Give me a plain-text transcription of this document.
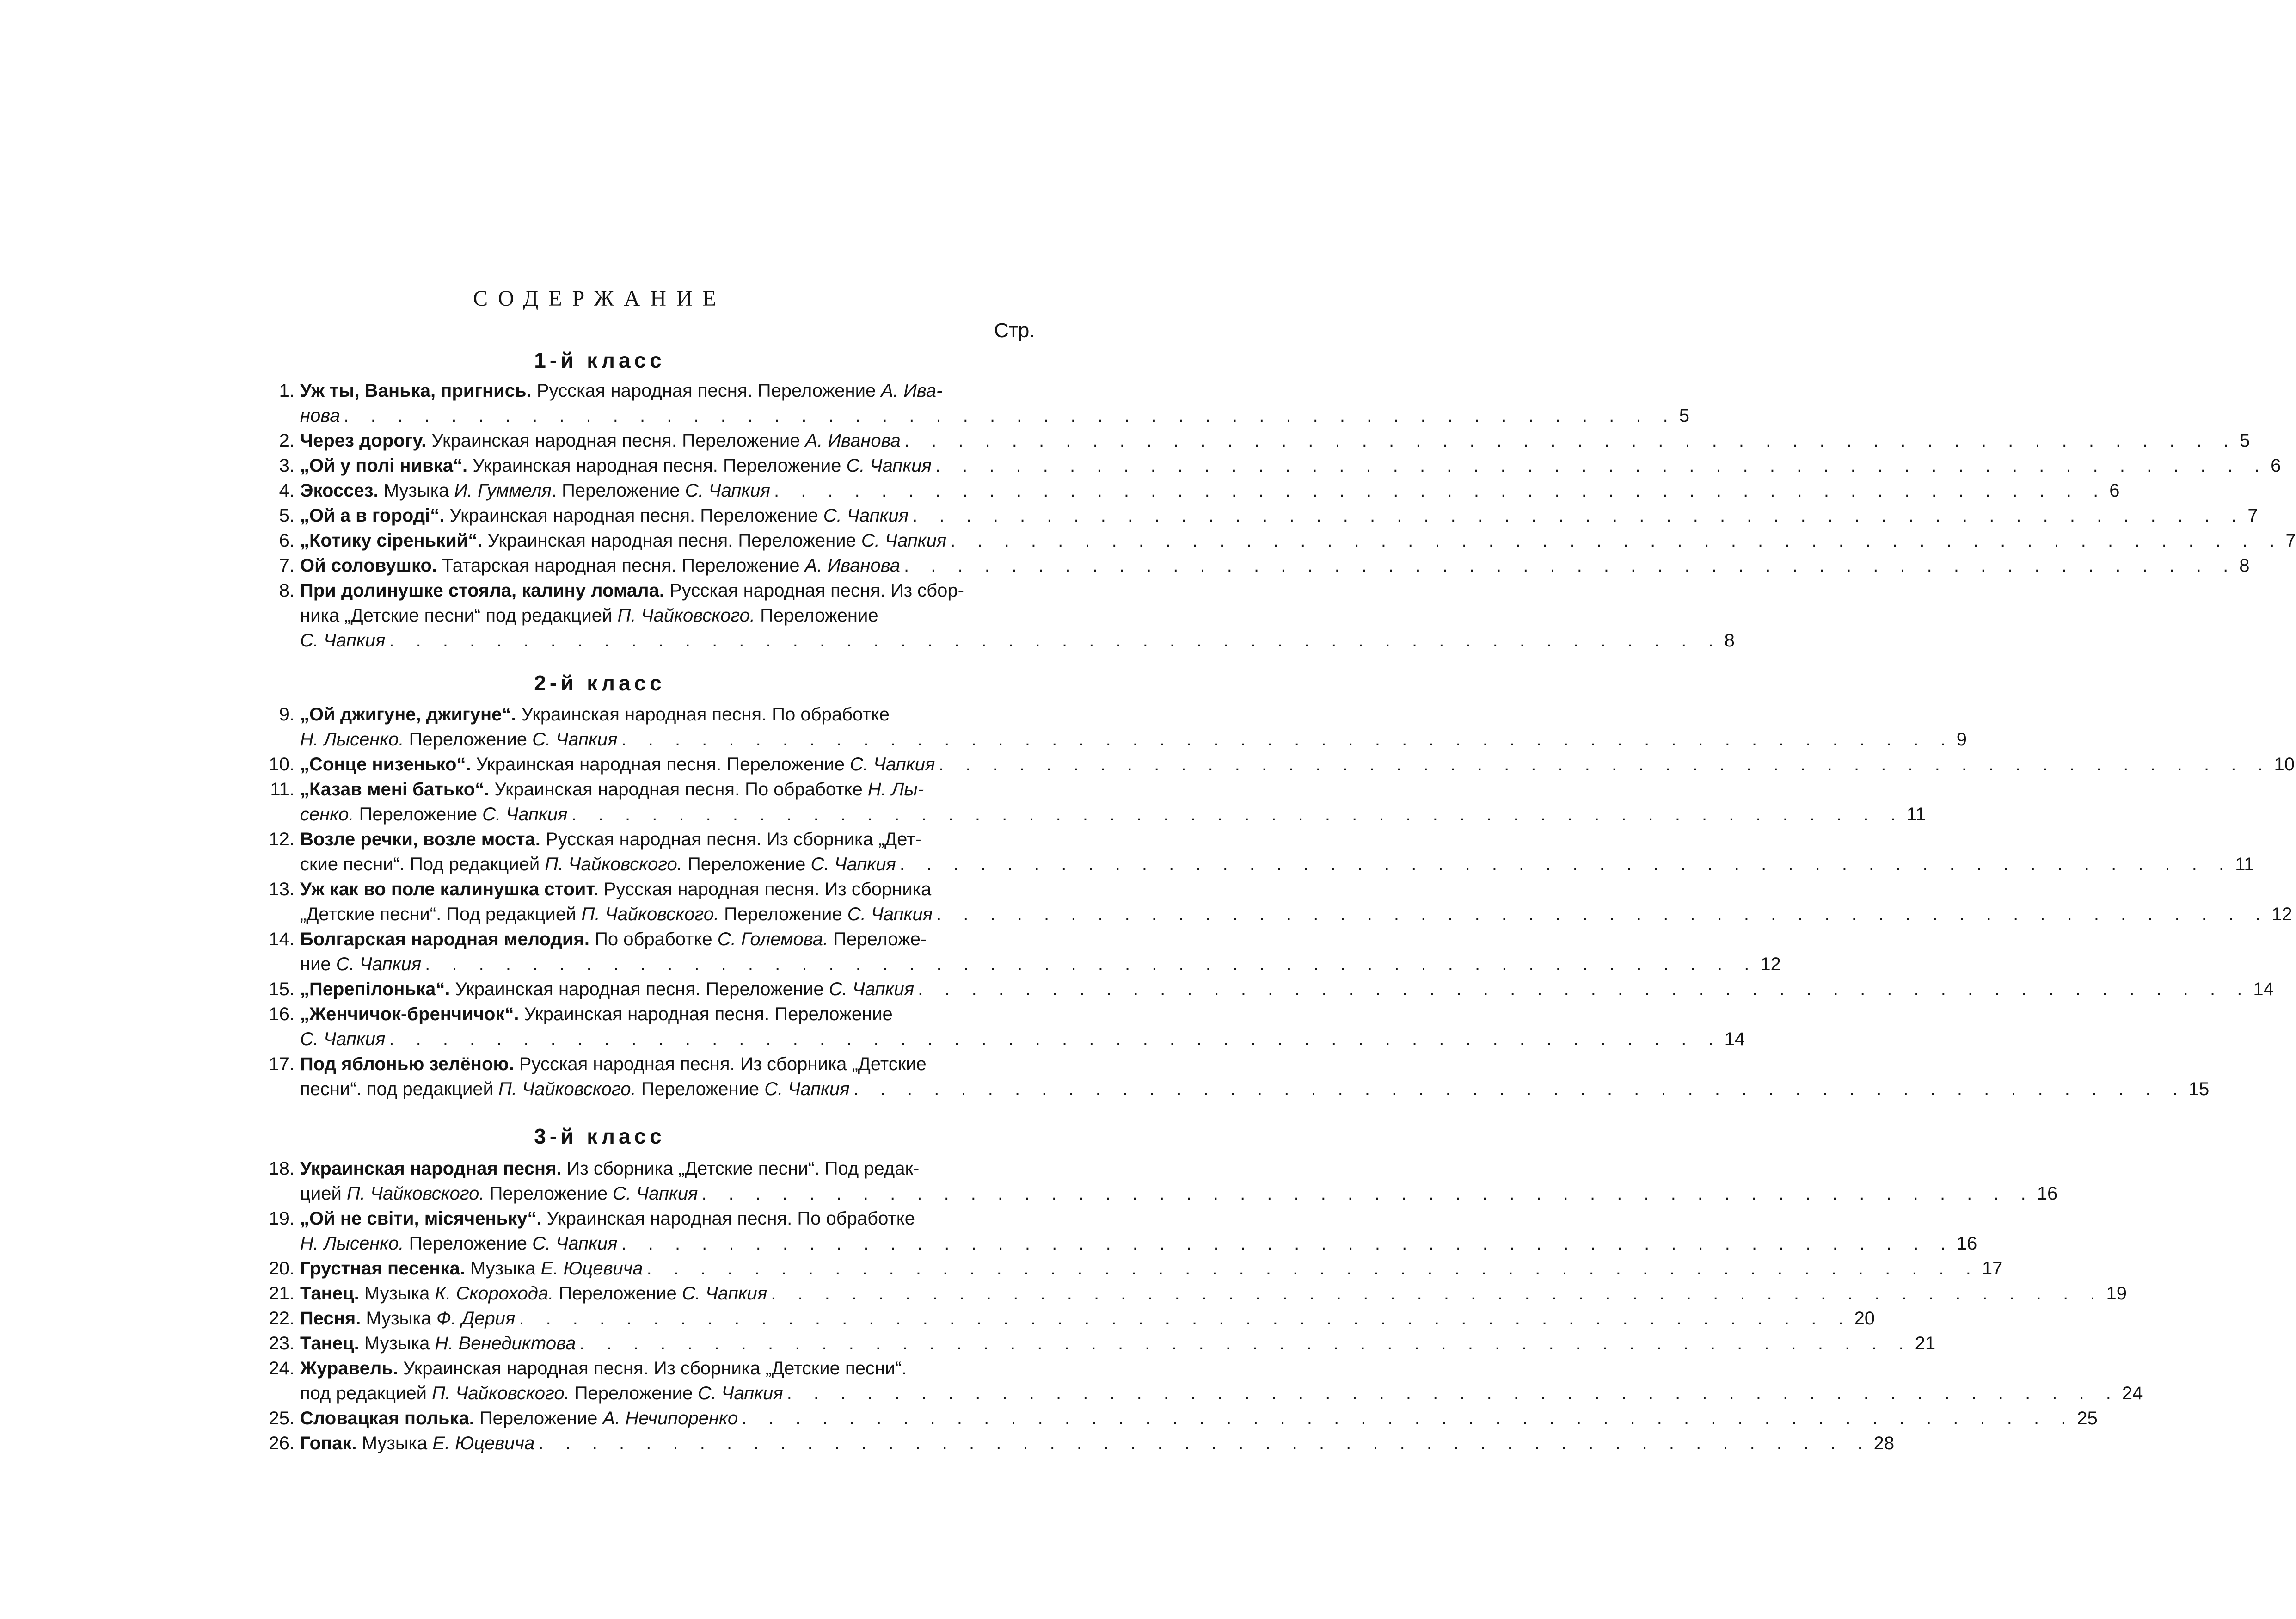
СОДЕРЖАНИЕ
Стр.
1-й класс
1. Уж ты, Ванька, пригнись. Русская народная песня. Переложение А. Ива-
нова . . . . . . . . . . . . . . . . . . . . . . . . . . . . . . . . . . . . . . . . . . . . . . . . . . 5
2. Через дорогу. Украинская народная песня. Переложение А. Иванова . . . . . . . . . . . . . . . . . . . . . . . . . . . . . . . . . . . . . . . . . . . . . . . . . . 5
3. „Ой у полі нивка“. Украинская народная песня. Переложение С. Чапкия . . . . . . . . . . . . . . . . . . . . . . . . . . . . . . . . . . . . . . . . . . . . . . . . . . 6
4. Экоссез. Музыка И. Гуммеля. Переложение С. Чапкия . . . . . . . . . . . . . . . . . . . . . . . . . . . . . . . . . . . . . . . . . . . . . . . . . . 6
5. „Ой а в городі“. Украинская народная песня. Переложение С. Чапкия . . . . . . . . . . . . . . . . . . . . . . . . . . . . . . . . . . . . . . . . . . . . . . . . . . 7
6. „Котику сіренький“. Украинская народная песня. Переложение С. Чапкия . . . . . . . . . . . . . . . . . . . . . . . . . . . . . . . . . . . . . . . . . . . . . . . . . . 7
7. Ой соловушко. Татарская народная песня. Переложение А. Иванова . . . . . . . . . . . . . . . . . . . . . . . . . . . . . . . . . . . . . . . . . . . . . . . . . . 8
8. При долинушке стояла, калину ломала. Русская народная песня. Из сбор-
ника „Детские песни“ под редакцией П. Чайковского. Переложение
С. Чапкия . . . . . . . . . . . . . . . . . . . . . . . . . . . . . . . . . . . . . . . . . . . . . . . . . . 8
2-й класс
9. „Ой джигуне, джигуне“. Украинская народная песня. По обработке
Н. Лысенко. Переложение С. Чапкия . . . . . . . . . . . . . . . . . . . . . . . . . . . . . . . . . . . . . . . . . . . . . . . . . . 9
10. „Сонце низенько“. Украинская народная песня. Переложение С. Чапкия . . . . . . . . . . . . . . . . . . . . . . . . . . . . . . . . . . . . . . . . . . . . . . . . . . 10
11. „Казав мені батько“. Украинская народная песня. По обработке Н. Лы-
сенко. Переложение С. Чапкия . . . . . . . . . . . . . . . . . . . . . . . . . . . . . . . . . . . . . . . . . . . . . . . . . . 11
12. Возле речки, возле моста. Русская народная песня. Из сборника „Дет-
ские песни“. Под редакцией П. Чайковского. Переложение С. Чапкия . . . . . . . . . . . . . . . . . . . . . . . . . . . . . . . . . . . . . . . . . . . . . . . . . . 11
13. Уж как во поле калинушка стоит. Русская народная песня. Из сборника
„Детские песни“. Под редакцией П. Чайковского. Переложение С. Чапкия . . . . . . . . . . . . . . . . . . . . . . . . . . . . . . . . . . . . . . . . . . . . . . . . . . 12
14. Болгарская народная мелодия. По обработке С. Големова. Переложе-
ние С. Чапкия . . . . . . . . . . . . . . . . . . . . . . . . . . . . . . . . . . . . . . . . . . . . . . . . . . 12
15. „Перепілонька“. Украинская народная песня. Переложение С. Чапкия . . . . . . . . . . . . . . . . . . . . . . . . . . . . . . . . . . . . . . . . . . . . . . . . . . 14
16. „Женчичок-бренчичок“. Украинская народная песня. Переложение
С. Чапкия . . . . . . . . . . . . . . . . . . . . . . . . . . . . . . . . . . . . . . . . . . . . . . . . . . 14
17. Под яблонью зелёною. Русская народная песня. Из сборника „Детские
песни“. под редакцией П. Чайковского. Переложение С. Чапкия . . . . . . . . . . . . . . . . . . . . . . . . . . . . . . . . . . . . . . . . . . . . . . . . . . 15
3-й класс
18. Украинская народная песня. Из сборника „Детские песни“. Под редак-
цией П. Чайковского. Переложение С. Чапкия . . . . . . . . . . . . . . . . . . . . . . . . . . . . . . . . . . . . . . . . . . . . . . . . . . 16
19. „Ой не світи, місяченьку“. Украинская народная песня. По обработке
Н. Лысенко. Переложение С. Чапкия . . . . . . . . . . . . . . . . . . . . . . . . . . . . . . . . . . . . . . . . . . . . . . . . . . 16
20. Грустная песенка. Музыка Е. Юцевича . . . . . . . . . . . . . . . . . . . . . . . . . . . . . . . . . . . . . . . . . . . . . . . . . . 17
21. Танец. Музыка К. Скорохода. Переложение С. Чапкия . . . . . . . . . . . . . . . . . . . . . . . . . . . . . . . . . . . . . . . . . . . . . . . . . . 19
22. Песня. Музыка Ф. Дерия . . . . . . . . . . . . . . . . . . . . . . . . . . . . . . . . . . . . . . . . . . . . . . . . . . 20
23. Танец. Музыка Н. Венедиктова . . . . . . . . . . . . . . . . . . . . . . . . . . . . . . . . . . . . . . . . . . . . . . . . . . 21
24. Журавель. Украинская народная песня. Из сборника „Детские песни“.
под редакцией П. Чайковского. Переложение С. Чапкия . . . . . . . . . . . . . . . . . . . . . . . . . . . . . . . . . . . . . . . . . . . . . . . . . . 24
25. Словацкая полька. Переложение А. Нечипоренко . . . . . . . . . . . . . . . . . . . . . . . . . . . . . . . . . . . . . . . . . . . . . . . . . . 25
26. Гопак. Музыка Е. Юцевича . . . . . . . . . . . . . . . . . . . . . . . . . . . . . . . . . . . . . . . . . . . . . . . . . . 28
